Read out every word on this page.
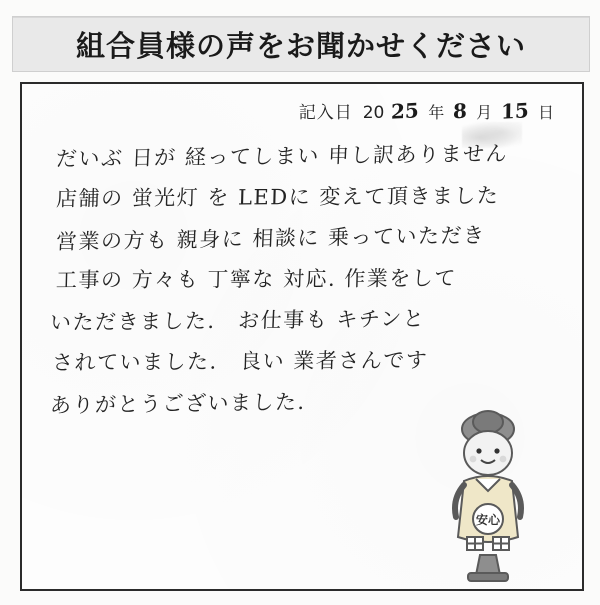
組合員様の声をお聞かせください
記入日 20 25 年 8 月 15 日
だいぶ 日が 経ってしまい 申し訳ありません
店舗の 蛍光灯 を LEDに 変えて頂きました
営業の方も 親身に 相談に 乗っていただき
工事の 方々も 丁寧な 対応. 作業をして
いただきました.　お仕事も キチンと
されていました.　良い 業者さんです
ありがとうございました.
安心
